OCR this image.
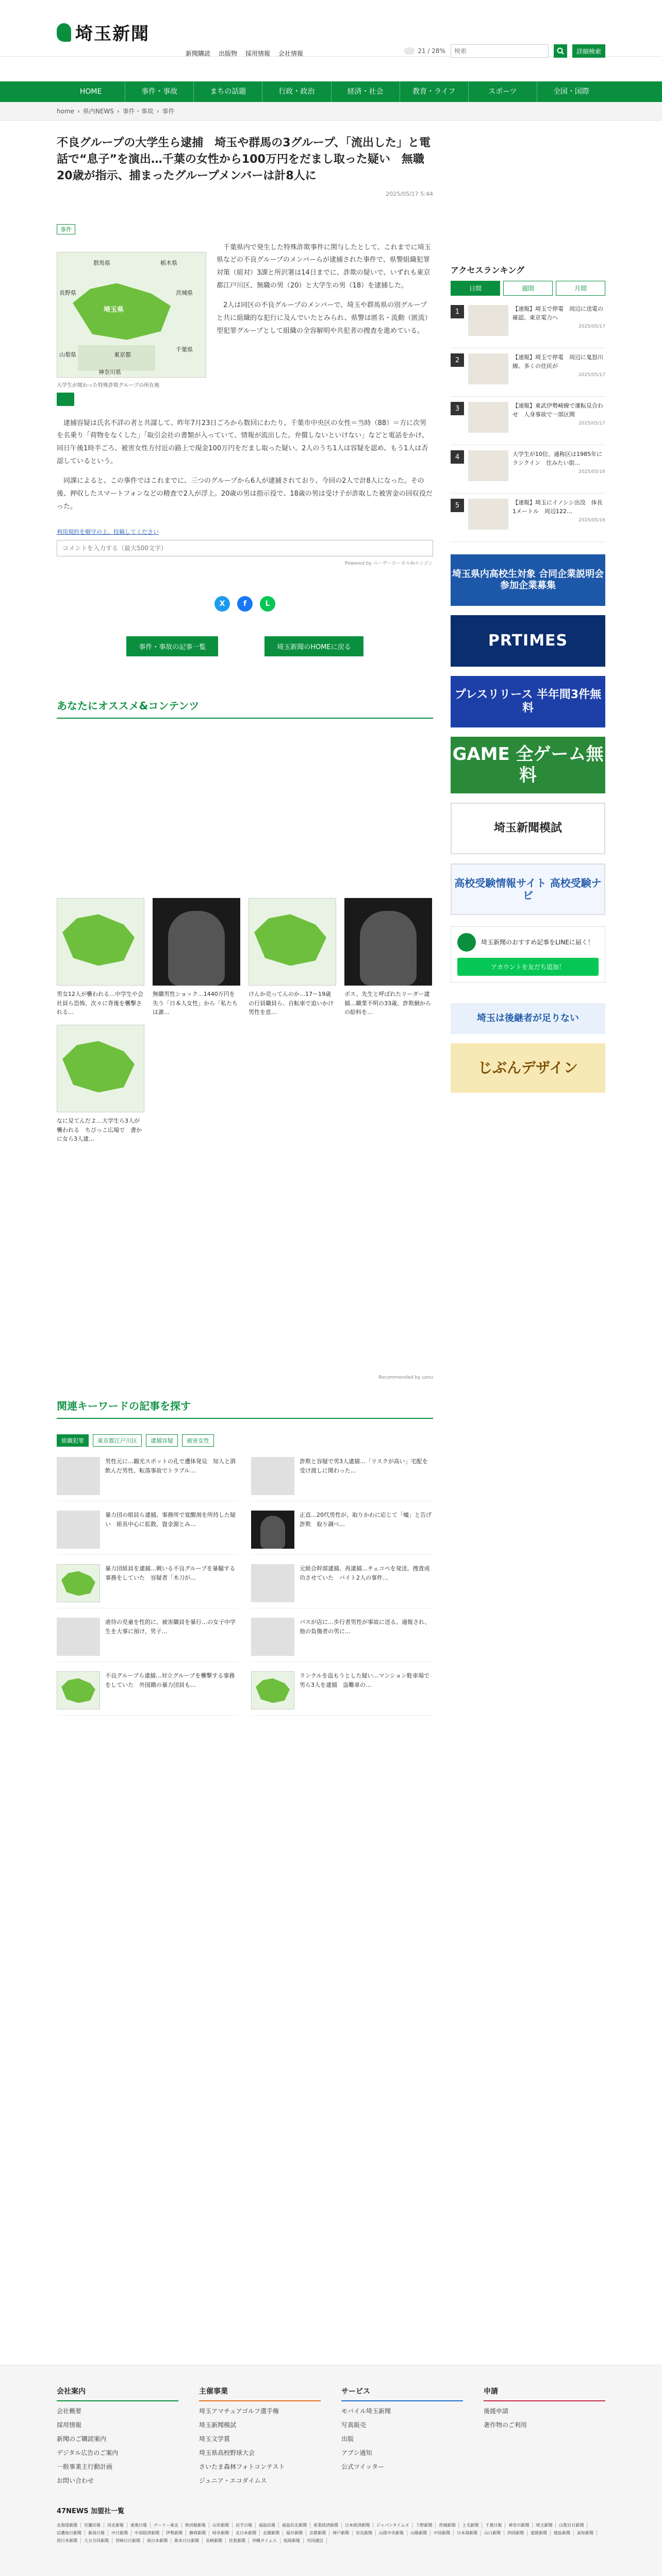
埼玉新聞
新聞購読 出版物 採用情報 会社情報	21 / 28%
検索	詳細検索
HOME	事件・事故	まちの話題	行政・政治	経済・社会	教育・ライフ	スポーツ	全国・国際
home › 県内NEWS › 事件・事故 › 事件
不良グループの大学生ら逮捕　埼玉や群馬の3グループ、「流出した」と電話で“息子”を演出…千葉の女性から100万円をだまし取った疑い　無職20歳が指示、捕まったグループメンバーは計8人に
2025/05/17 5:44
事件
群馬県	栃木県
長野県
埼玉県
茨城県
山梨県	東京都
千葉県
神奈川県
大学生が関わった特殊詐欺グループの所在地

千葉県内で発生した特殊詐欺事件に関与したとして、これまでに埼玉県などの不良グループのメンバーらが逮捕された事件で、県警組織犯罪対策（組対）3課と所沢署は14日までに、詐欺の疑いで、いずれも東京都江戸川区、無職の男（20）と大学生の男（18）を逮捕した。

2人は同区の不良グループのメンバーで、埼玉や群馬県の別グループと共に組織的な犯行に及んでいたとみられ、県警は匿名・流動（匿流）型犯罪グループとして組織の全容解明や共犯者の捜査を進めている。

逮捕容疑は氏名不詳の者と共謀して、昨年7月23日ごろから数回にわたり、千葉市中央区の女性＝当時（88）＝方に次男を名乗り「荷物をなくした」「取引会社の書類が入っていて、情報が流出した。弁償しないといけない」などと電話をかけ、同日午後1時半ごろ、被害女性方付近の路上で現金100万円をだまし取った疑い。2人のうち1人は容疑を認め、もう1人は否認しているという。

同課によると、この事件ではこれまでに、三つのグループから6人が逮捕されており、今回の2人で計8人になった。その後、押収したスマートフォンなどの精査で2人が浮上。20歳の男は指示役で、18歳の男は受け子が詐取した被害金の回収役だった。

利用規約を順守の上、投稿してください コメントを入力する（最大500文字）
Powered by ユーザーローカルAIエンジン
X	f	L
事件・事故の記事一覧	埼玉新聞のHOMEに戻る
あなたにオススメ&コンテンツ
男女12人が襲われる…中学生や会社員ら恐怖、次々に背後を襲撃される…
無職男性ショック…1440万円を失う「日本人女性」から「私たちは誰…
けんか売ってんのか…17〜19歳の行員職員ら、自転車で追いかけ男性を息…
ボス、先生と呼ばれたリーダー逮捕…職業不明の33歳、詐欺網からの給料を…
なに見てんだよ…大学生ら3人が襲われる　ちびっこ広場で　書かに女ら3人逮…
Recommended by uzou
関連キーワードの記事を探す
組織犯罪	東京都江戸川区	逮捕容疑	被害女性
男性元に…観光スポットの孔で遭体発見　知人と酒飲んだ男性、転落事故でトラブル…
詐欺と容疑で男3人逮捕…「リスクが高い」宅配を受け渡しに関わった…
暴力団の組員ら逮捕。事務所で覚醒剤を所持した疑い　組長中心に拡散、資金源とみ…
正直…20代男性が、取りかわに応じて「嘘」と告げ詐欺　取り調べ…
暴力団組員を逮捕…戦いる不良グループを暴騒する事務をしていた　容疑者「木刀が…
元組合幹部逮捕、再逮捕…チェコペを発送。捜査成功させていた　バイト2人の事件…
虐待の児童を性的に、被害職員を暴行…の女子中学生を大事に預け、男子…
バスが店に…歩行者男性が事故に送る。通報され、他の負傷者の男に…
不良グループら逮捕…対立グループを襲撃する事務をしていた　外国籍の暴力団員も…
ランクルを盗もうとした疑い…マンション駐車場で　男ら3人を逮捕　盗難車の…
アクセスランキング
日間	週間	月間
1	【速報】埼玉で停電　周辺に送電の確認、東京電力へ
2025/05/17
2	【速報】埼玉で停電　周辺に鬼怒川線、多くの住民が
2025/05/17
3	【速報】東武伊勢崎線で運転見合わせ　人身事故で一部区間
2025/05/17
4	大学生が10位、通称区は1985年にランクイン　住みたい街…
2025/05/16
5	【速報】埼玉にイノシシ出没　体長1メートル　周辺122…
2025/05/16
埼玉県内高校生対象 合同企業説明会参加企業募集
PRTIMES
プレスリリース 半年間3件無料
GAME 全ゲーム無料
埼玉新聞模試
高校受験情報サイト 高校受験ナビ
埼玉新聞のおすすめ記事をLINEに届く！
アカウントを友だち追加！
埼玉は後継者が足りない
じぶんデザイン
会社案内
会社概要
採用情報
新聞のご購読案内
デジタル広告のご案内
一般事業主行動計画
お問い合わせ
主催事業
埼玉アマチュアゴルフ選手権
埼玉新聞模試
埼玉文学賞
埼玉県高校野球大会
さいたま森林フォトコンテスト
ジュニア・エコダイムス
サービス
モバイル埼玉新聞
写真販売
出版
アプシ通知
公式ツイッター
申請
後援申請
著作物のご利用
47NEWS 加盟社一覧
北海道新聞	室蘭民報	河北新報	東奥日報	デーリー東北	秋田魁新報	山形新聞	岩手日報	福島民報	福島民友新聞	産業経済新聞	日本経済新聞	ジャパンタイムズ	下野新聞	茨城新聞	上毛新聞	千葉日報	神奈川新聞	埼玉新聞	山梨日日新聞
信濃毎日新聞	新潟日報	中日新聞	中部経済新聞	伊勢新聞	静岡新聞	岐阜新聞	北日本新聞	北國新聞	福井新聞	京都新聞	神戸新聞	奈良新聞	山陰中央新報	山陽新聞	中国新聞	日本海新聞	山口新聞	四国新聞	愛媛新聞	徳島新聞	高知新聞
西日本新聞	大分合同新聞	宮崎日日新聞	南日本新聞	熊本日日新聞	長崎新聞	佐賀新聞	沖縄タイムス	琉球新報	共同通信
